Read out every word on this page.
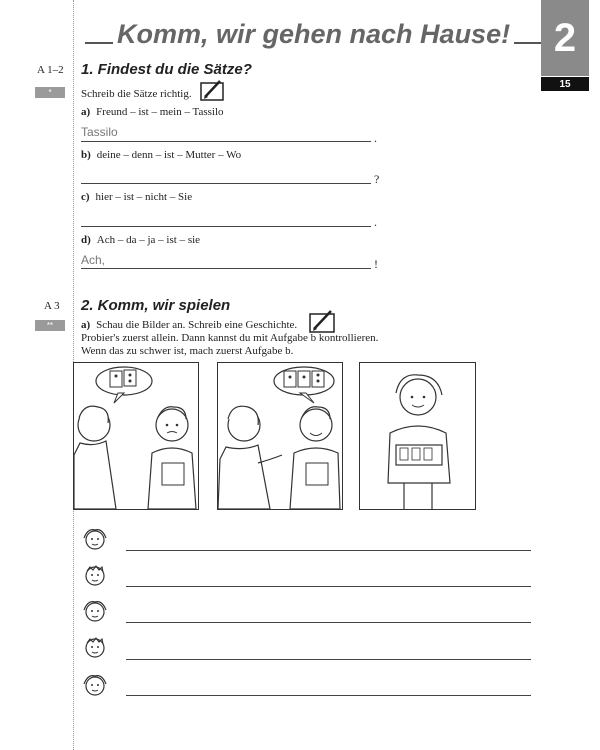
Komm, wir gehen nach Hause!	2
15
A 1–2 1. Findest du die Sätze?
*	Schreib die Sätze richtig.
a) Freund – ist – mein – Tassilo
Tassilo	.
b) deine – denn – ist – Mutter – Wo
?
c) hier – ist – nicht – Sie
.
d) Ach – da – ja – ist – sie
Ach,	!
A 3 2. Komm, wir spielen
**	a) Schau die Bilder an. Schreib eine Geschichte.
Probier's zuerst allein. Dann kannst du mit Aufgabe b kontrollieren.
Wenn das zu schwer ist, mach zuerst Aufgabe b.
